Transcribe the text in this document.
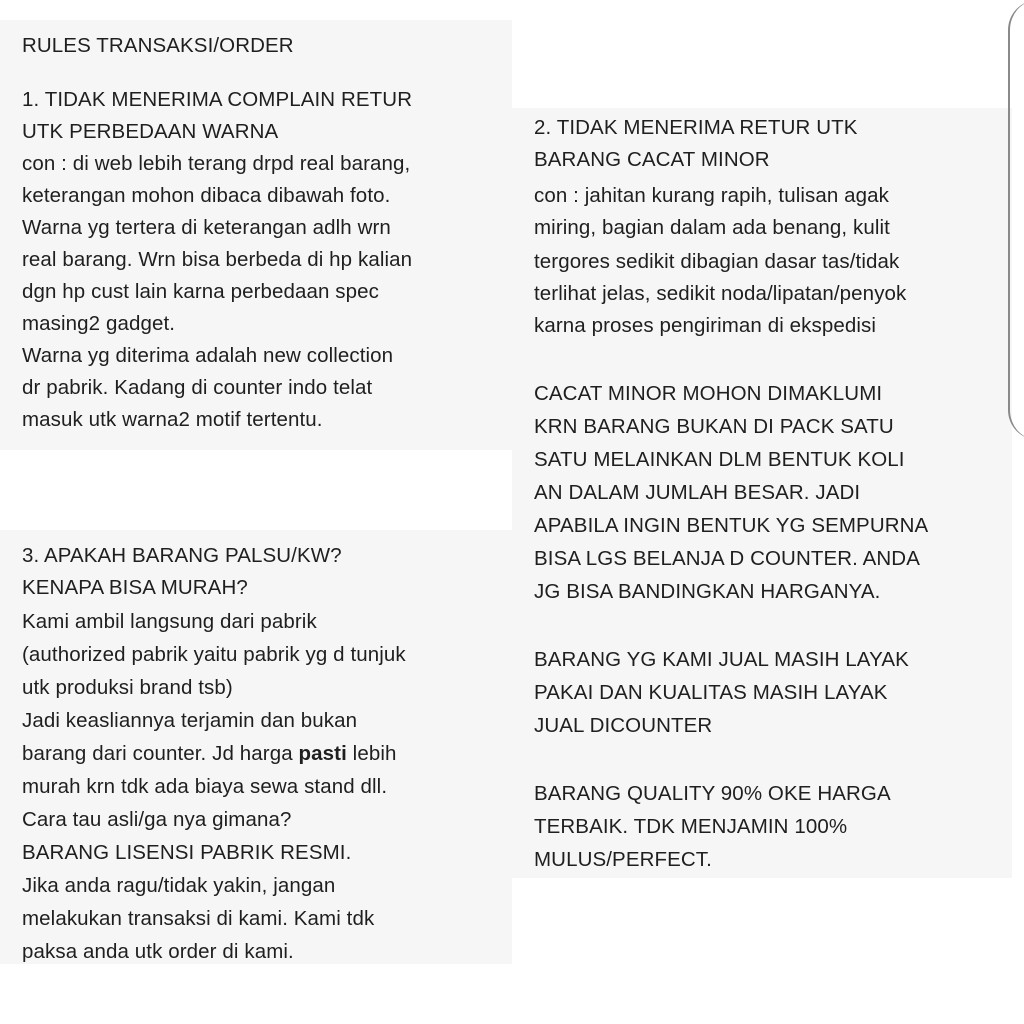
RULES TRANSAKSI/ORDER
1. TIDAK MENERIMA COMPLAIN RETUR
UTK PERBEDAAN WARNA
con : di web lebih terang drpd real barang,
keterangan mohon dibaca dibawah foto.
Warna yg tertera di keterangan adlh wrn
real barang. Wrn bisa berbeda di hp kalian
dgn hp cust lain karna perbedaan spec
masing2 gadget.
Warna yg diterima adalah new collection
dr pabrik. Kadang di counter indo telat
masuk utk warna2 motif tertentu.
2. TIDAK MENERIMA RETUR UTK
BARANG CACAT MINOR
con : jahitan kurang rapih, tulisan agak
miring, bagian dalam ada benang, kulit
tergores sedikit dibagian dasar tas/tidak
terlihat jelas, sedikit noda/lipatan/penyok
karna proses pengiriman di ekspedisi
CACAT MINOR MOHON DIMAKLUMI
KRN BARANG BUKAN DI PACK SATU
SATU MELAINKAN DLM BENTUK KOLI
AN DALAM JUMLAH BESAR. JADI
APABILA INGIN BENTUK YG SEMPURNA
BISA LGS BELANJA D COUNTER. ANDA
JG BISA BANDINGKAN HARGANYA.
BARANG YG KAMI JUAL MASIH LAYAK
PAKAI DAN KUALITAS MASIH LAYAK
JUAL DICOUNTER
BARANG QUALITY 90% OKE HARGA
TERBAIK. TDK MENJAMIN 100%
MULUS/PERFECT.
3. APAKAH BARANG PALSU/KW?
KENAPA BISA MURAH?
Kami ambil langsung dari pabrik
(authorized pabrik yaitu pabrik yg d tunjuk
utk produksi brand tsb)
Jadi keasliannya terjamin dan bukan
barang dari counter. Jd harga pasti lebih
murah krn tdk ada biaya sewa stand dll.
Cara tau asli/ga nya gimana?
BARANG LISENSI PABRIK RESMI.
Jika anda ragu/tidak yakin, jangan
melakukan transaksi di kami. Kami tdk
paksa anda utk order di kami.
